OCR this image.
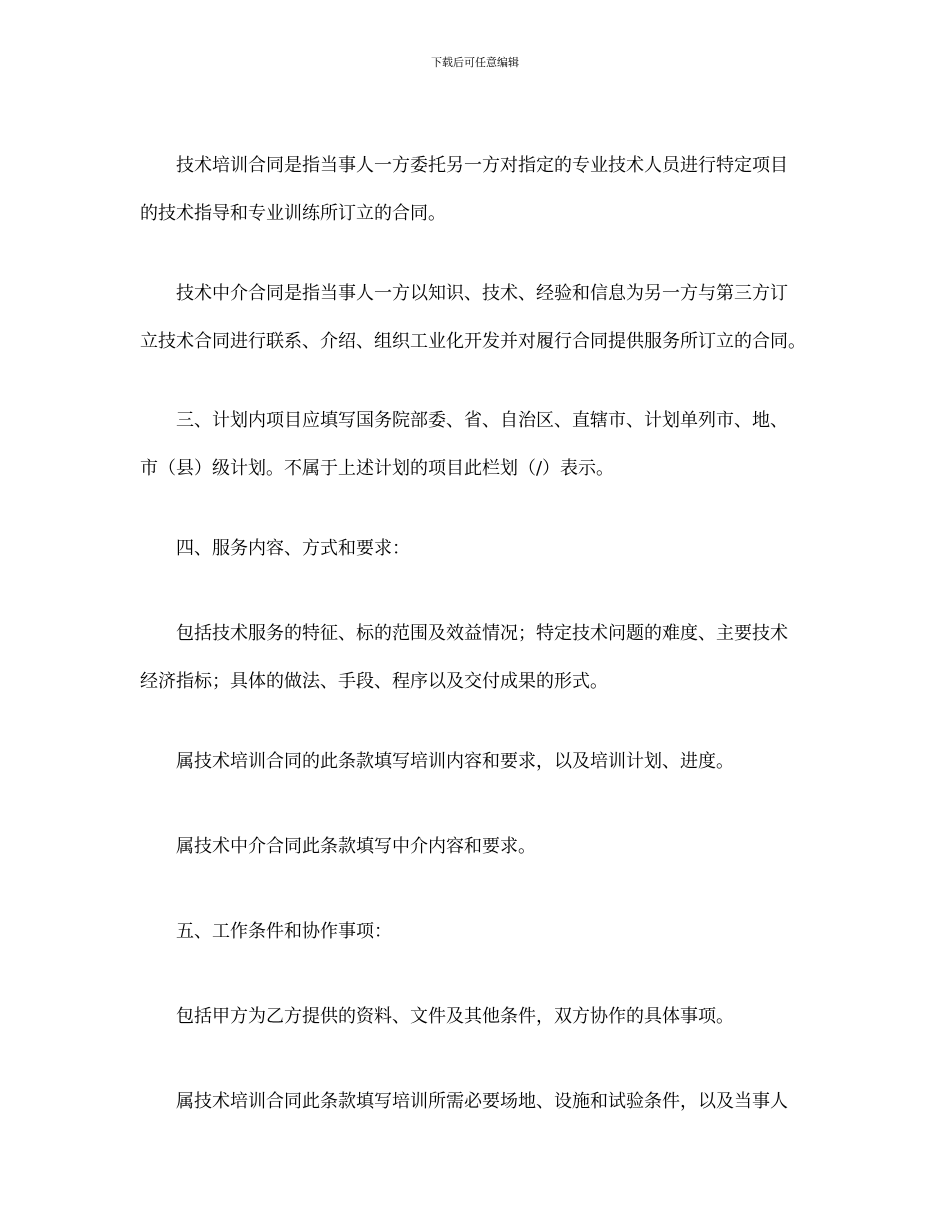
下载后可任意编辑
技术培训合同是指当事人一方委托另一方对指定的专业技术人员进行特定项目
的技术指导和专业训练所订立的合同。
技术中介合同是指当事人一方以知识、技术、经验和信息为另一方与第三方订
立技术合同进行联系、介绍、组织工业化开发并对履行合同提供服务所订立的合同。
三、计划内项目应填写国务院部委、省、自治区、直辖市、计划单列市、地、
市（县）级计划。不属于上述计划的项目此栏划（/）表示。
四、服务内容、方式和要求：
包括技术服务的特征、标的范围及效益情况；特定技术问题的难度、主要技术
经济指标；具体的做法、手段、程序以及交付成果的形式。
属技术培训合同的此条款填写培训内容和要求，以及培训计划、进度。
属技术中介合同此条款填写中介内容和要求。
五、工作条件和协作事项：
包括甲方为乙方提供的资料、文件及其他条件，双方协作的具体事项。
属技术培训合同此条款填写培训所需必要场地、设施和试验条件，以及当事人
